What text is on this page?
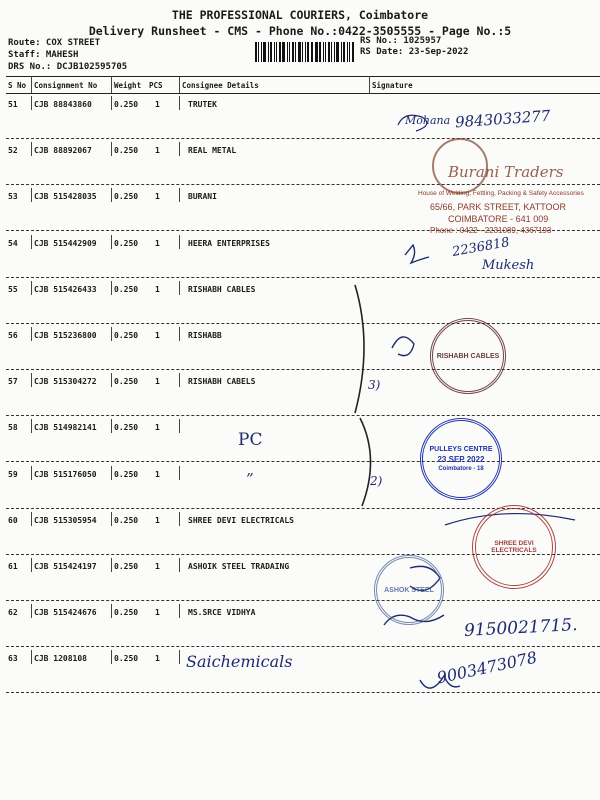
THE PROFESSIONAL COURIERS, Coimbatore
Delivery Runsheet - CMS - Phone No.:0422-3505555 - Page No.:5
Route: COX STREET
Staff: MAHESH
DRS No.: DCJB102595705
RS No.: 1025957
RS Date: 23-Sep-2022
S No Consignment No Weight PCS	Consignee Details	Signature
51 CJB 88843860	0.250 1	TRUTEK
52 CJB 88892067	0.250 1	REAL METAL
53 CJB 515428035 0.250 1	BURANI
54 CJB 515442909 0.250 1	HEERA ENTERPRISES
55 CJB 515426433 0.250 1	RISHABH CABLES
56 CJB 515236800 0.250 1	RISHABB
57 CJB 515304272 0.250 1	RISHABH CABELS
58 CJB 514982141 0.250 1
59 CJB 515176050 0.250 1
60 CJB 515305954 0.250 1	SHREE DEVI ELECTRICALS
61 CJB 515424197 0.250 1	ASHOIK STEEL TRADAING
62 CJB 515424676 0.250 1	MS.SRCE VIDHYA
63 CJB 1208108	0.250 1
Mohana 9843033277
2236818
Mukesh
PC
”
3)
2)
9150021715.
Saichemicals	9003473078
Burani Traders
House of Welding, Fettling, Packing & Safety Accessories
65/66, PARK STREET, KATTOOR
COIMBATORE - 641 009
Phone : 0422 - 2231089, 4367193
RISHABH CABLES
PULLEYS CENTRE
23 SEP 2022
Coimbatore - 18
SHREE DEVI ELECTRICALS
ASHOK STEEL
